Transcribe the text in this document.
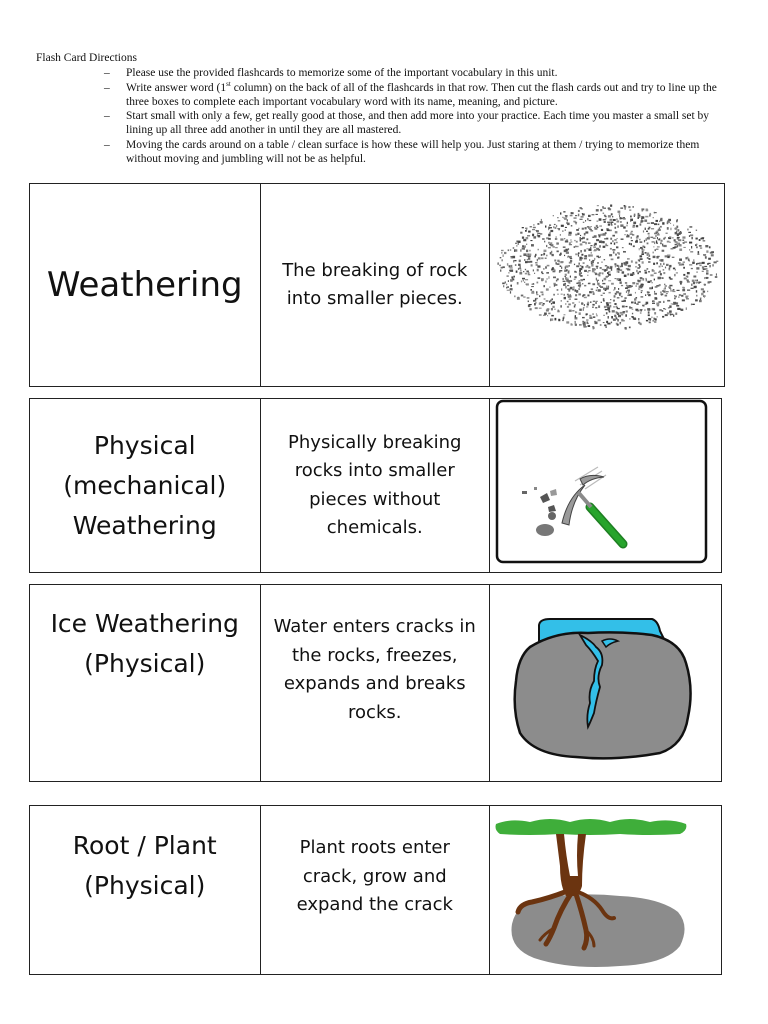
Flash Card Directions
– Please use the provided flashcards to memorize some of the important vocabulary in this unit.
– Write answer word (1st column) on the back of all of the flashcards in that row. Then cut the flash cards out and try to line up the three boxes to complete each important vocabulary word with its name, meaning, and picture.
– Start small with only a few, get really good at those, and then add more into your practice. Each time you master a small set by lining up all three add another in until they are all mastered.
– Moving the cards around on a table / clean surface is how these will help you. Just staring at them / trying to memorize them without moving and jumbling will not be as helpful.
Weathering	The breaking of rock into smaller pieces.
Physical (mechanical) Weathering
Physically breaking rocks into smaller pieces without chemicals.
Ice Weathering (Physical)
Water enters cracks in the rocks, freezes, expands and breaks rocks.
Root / Plant (Physical)
Plant roots enter crack, grow and expand the crack
